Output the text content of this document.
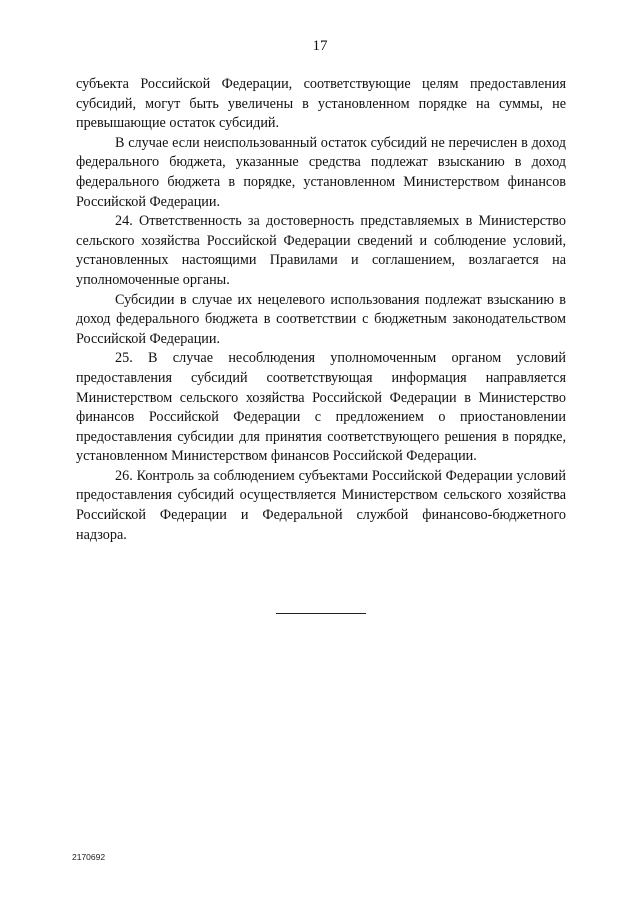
17

субъекта Российской Федерации, соответствующие целям предоставления субсидий, могут быть увеличены в установленном порядке на суммы, не превышающие остаток субсидий.

В случае если неиспользованный остаток субсидий не перечислен в доход федерального бюджета, указанные средства подлежат взысканию в доход федерального бюджета в порядке, установленном Министерством финансов Российской Федерации.

24. Ответственность за достоверность представляемых в Министерство сельского хозяйства Российской Федерации сведений и соблюдение условий, установленных настоящими Правилами и соглашением, возлагается на уполномоченные органы.

Субсидии в случае их нецелевого использования подлежат взысканию в доход федерального бюджета в соответствии с бюджетным законодательством Российской Федерации.

25. В случае несоблюдения уполномоченным органом условий предоставления субсидий соответствующая информация направляется Министерством сельского хозяйства Российской Федерации в Министерство финансов Российской Федерации с предложением о приостановлении предоставления субсидии для принятия соответствующего решения в порядке, установленном Министерством финансов Российской Федерации.

26. Контроль за соблюдением субъектами Российской Федерации условий предоставления субсидий осуществляется Министерством сельского хозяйства Российской Федерации и Федеральной службой финансово-бюджетного надзора.

2170692
